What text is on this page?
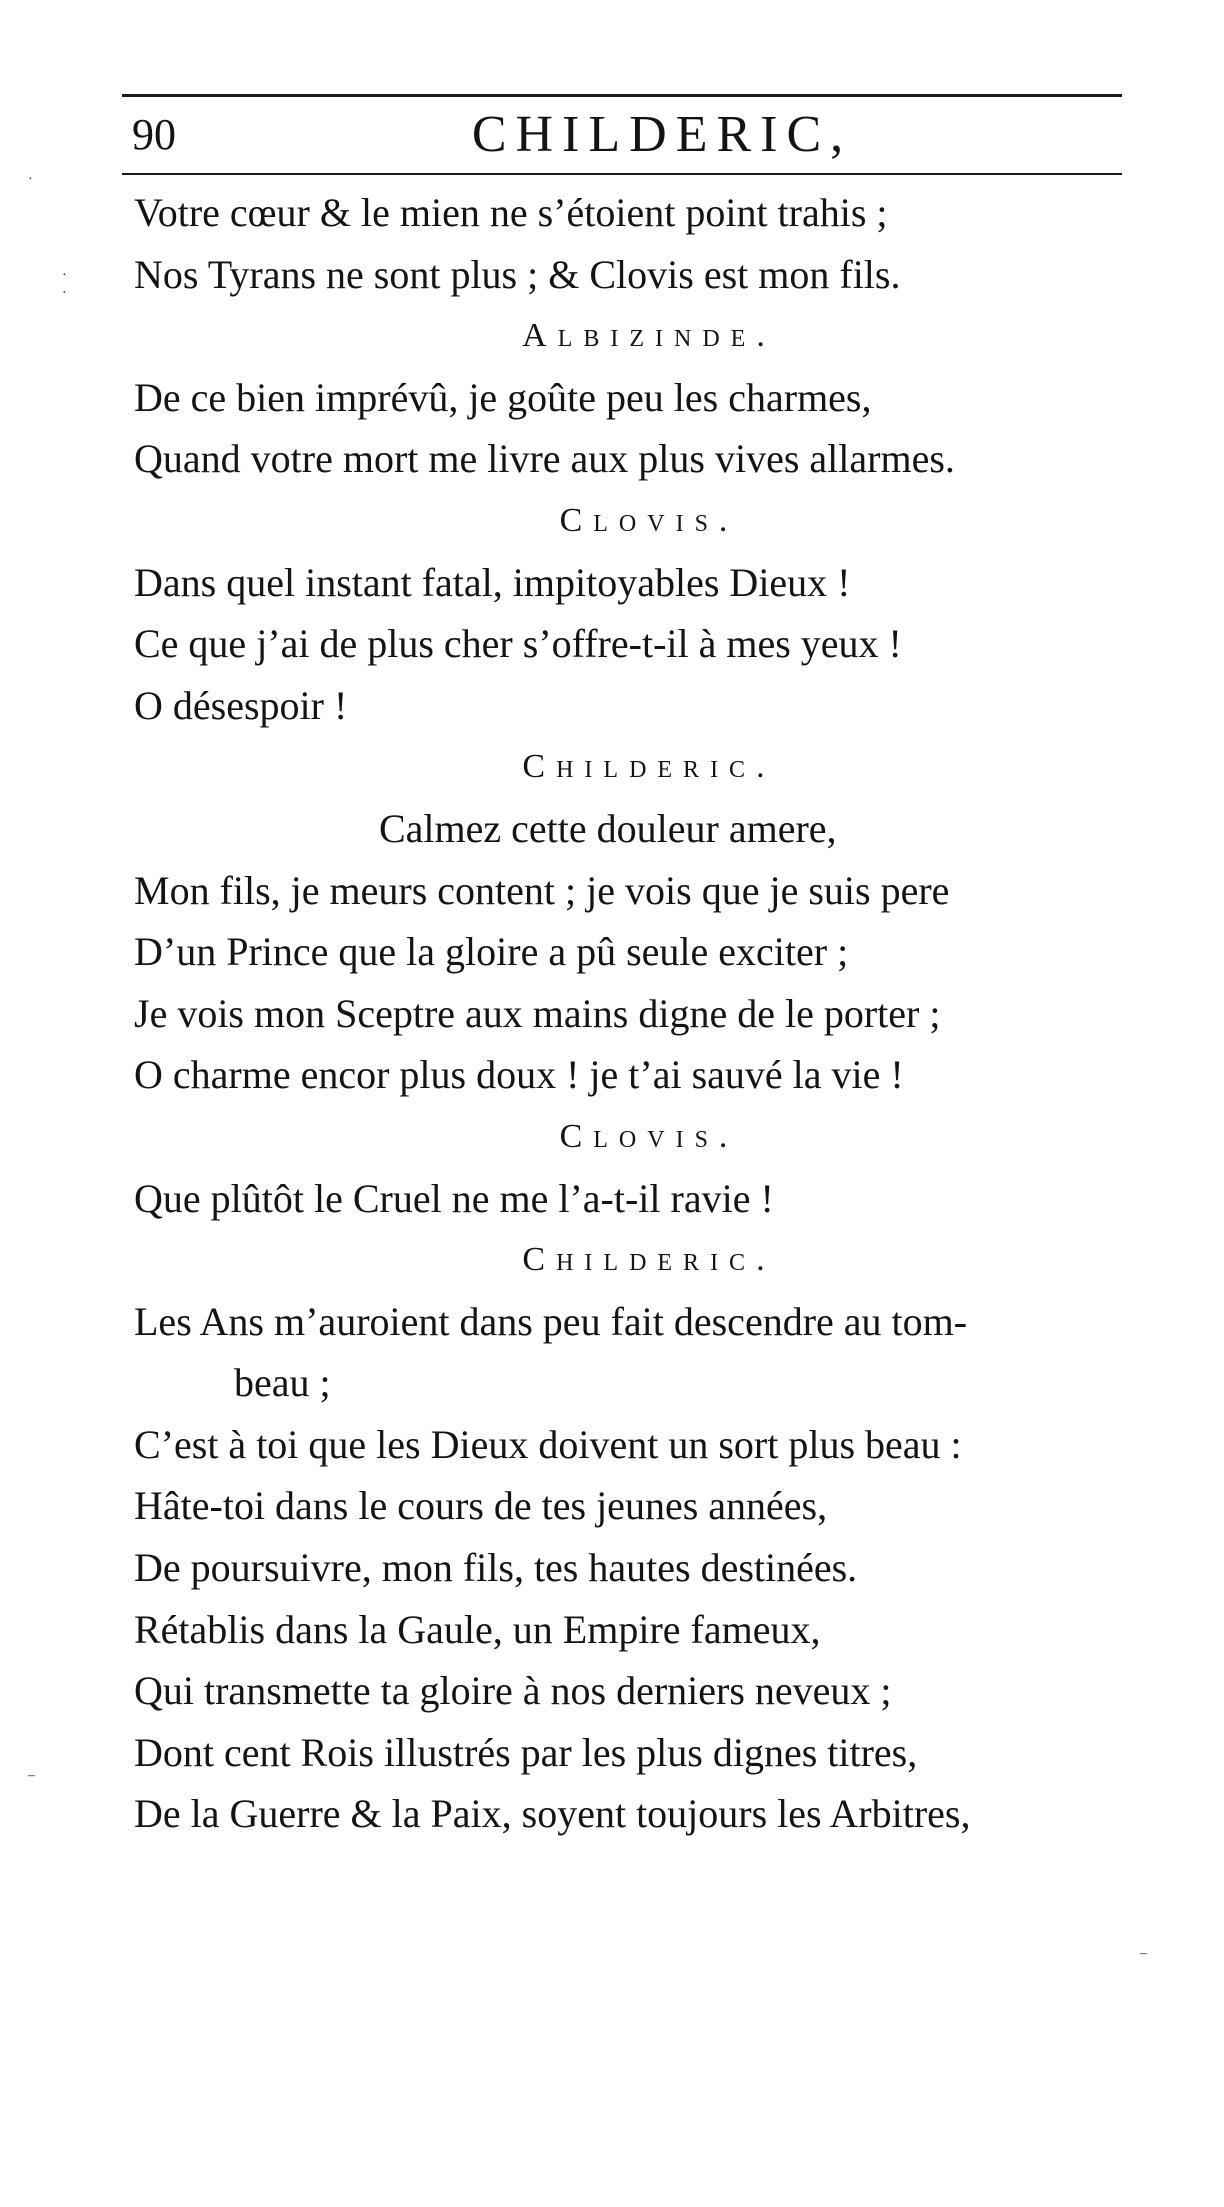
90	CHILDERIC,
Votre cœur & le mien ne s’étoient point trahis ;
Nos Tyrans ne sont plus ; & Clovis est mon fils.
Albizinde.
De ce bien imprévû, je goûte peu les charmes,
Quand votre mort me livre aux plus vives allarmes.
Clovis.
Dans quel instant fatal, impitoyables Dieux !
Ce que j’ai de plus cher s’offre-t-il à mes yeux !
O désespoir !
Childeric.
Calmez cette douleur amere,
Mon fils, je meurs content ; je vois que je suis pere
D’un Prince que la gloire a pû seule exciter ;
Je vois mon Sceptre aux mains digne de le porter ;
O charme encor plus doux ! je t’ai sauvé la vie !
Clovis.
Que plûtôt le Cruel ne me l’a-t-il ravie !
Childeric.
Les Ans m’auroient dans peu fait descendre au tom-
beau ;
C’est à toi que les Dieux doivent un sort plus beau :
Hâte-toi dans le cours de tes jeunes années,
De poursuivre, mon fils, tes hautes destinées.
Rétablis dans la Gaule, un Empire fameux,
Qui transmette ta gloire à nos derniers neveux ;
Dont cent Rois illustrés par les plus dignes titres,
De la Guerre & la Paix, soyent toujours les Arbitres,
·
·
·
–
–
